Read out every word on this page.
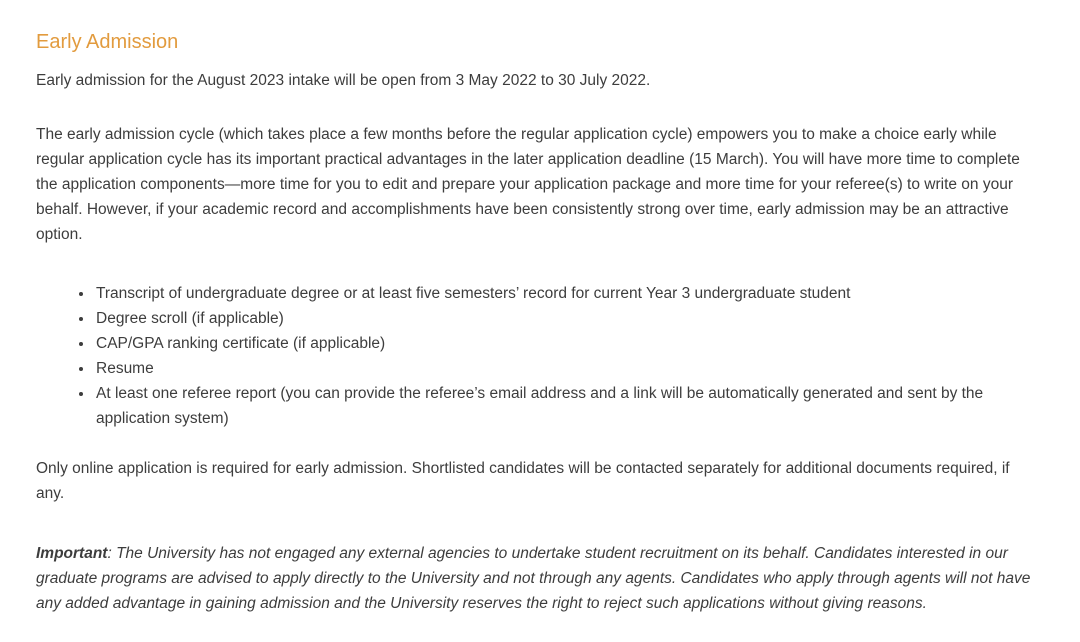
Early Admission

Early admission for the August 2023 intake will be open from 3 May 2022 to 30 July 2022.

The early admission cycle (which takes place a few months before the regular application cycle) empowers you to make a choice early while regular application cycle has its important practical advantages in the later application deadline (15 March). You will have more time to complete the application components—more time for you to edit and prepare your application package and more time for your referee(s) to write on your behalf. However, if your academic record and accomplishments have been consistently strong over time, early admission may be an attractive option.

• Transcript of undergraduate degree or at least five semesters’ record for current Year 3 undergraduate student
• Degree scroll (if applicable)
• CAP/GPA ranking certificate (if applicable)
• Resume
• At least one referee report (you can provide the referee’s email address and a link will be automatically generated and sent by the application system)

Only online application is required for early admission. Shortlisted candidates will be contacted separately for additional documents required, if any.

Important: The University has not engaged any external agencies to undertake student recruitment on its behalf. Candidates interested in our graduate programs are advised to apply directly to the University and not through any agents. Candidates who apply through agents will not have any added advantage in gaining admission and the University reserves the right to reject such applications without giving reasons.
